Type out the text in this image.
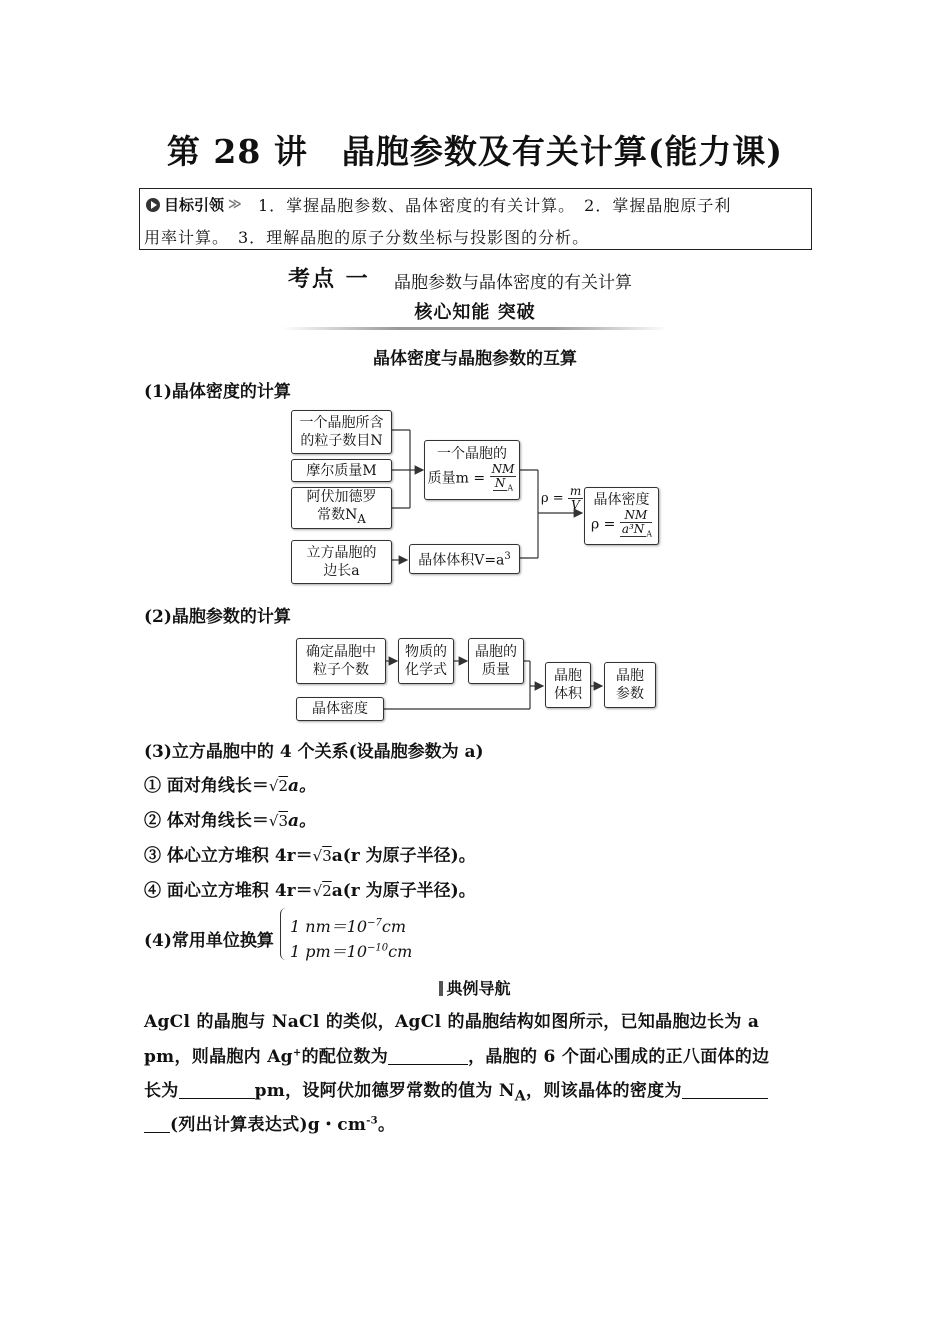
第 28 讲　晶胞参数及有关计算(能力课)
目标引领 ≫ 1．掌握晶胞参数、晶体密度的有关计算。　2．掌握晶胞原子利
用率计算。　3．理解晶胞的原子分数坐标与投影图的分析。
考点 一 晶胞参数与晶体密度的有关计算
核心知能 突破
晶体密度与晶胞参数的互算
(1)晶体密度的计算
一个晶胞所含
的粒子数目N
摩尔质量M
阿伏加德罗
常数$N_A$
立方晶胞的
边长a
一个晶胞的
质量$m = \frac{NM}{N _A}$
晶体体积$V=a^3$
$\rho = \frac{m}{V}$ 晶体密度
$\rho = \frac{NM}{a^3N _A}$
(2)晶胞参数的计算
确定晶胞中
粒子个数
物质的
化学式
晶胞的
质量
晶体密度
晶胞
体积
晶胞
参数
(3)立方晶胞中的 4 个关系(设晶胞参数为 a)
① 面对角线长＝√2a。
② 体对角线长＝√3a。
③ 体心立方堆积 4r＝√3a(r 为原子半径)。
④ 面心立方堆积 4r＝√2a(r 为原子半径)。
(4)常用单位换算
1 $nm=10^{-7}cm$
1 $pm=10^{-10}cm$
典例导航
AgCl 的晶胞与 NaCl 的类似，AgCl 的晶胞结构如图所示，已知晶胞边长为 a
pm，则晶胞内 Ag+的配位数为	，晶胞的 6 个面心围成的正八面体的边
长为	pm，设阿伏加德罗常数的值为 $N_A$，则该晶体的密度为
(列出计算表达式)g・$cm^{-3}$。
